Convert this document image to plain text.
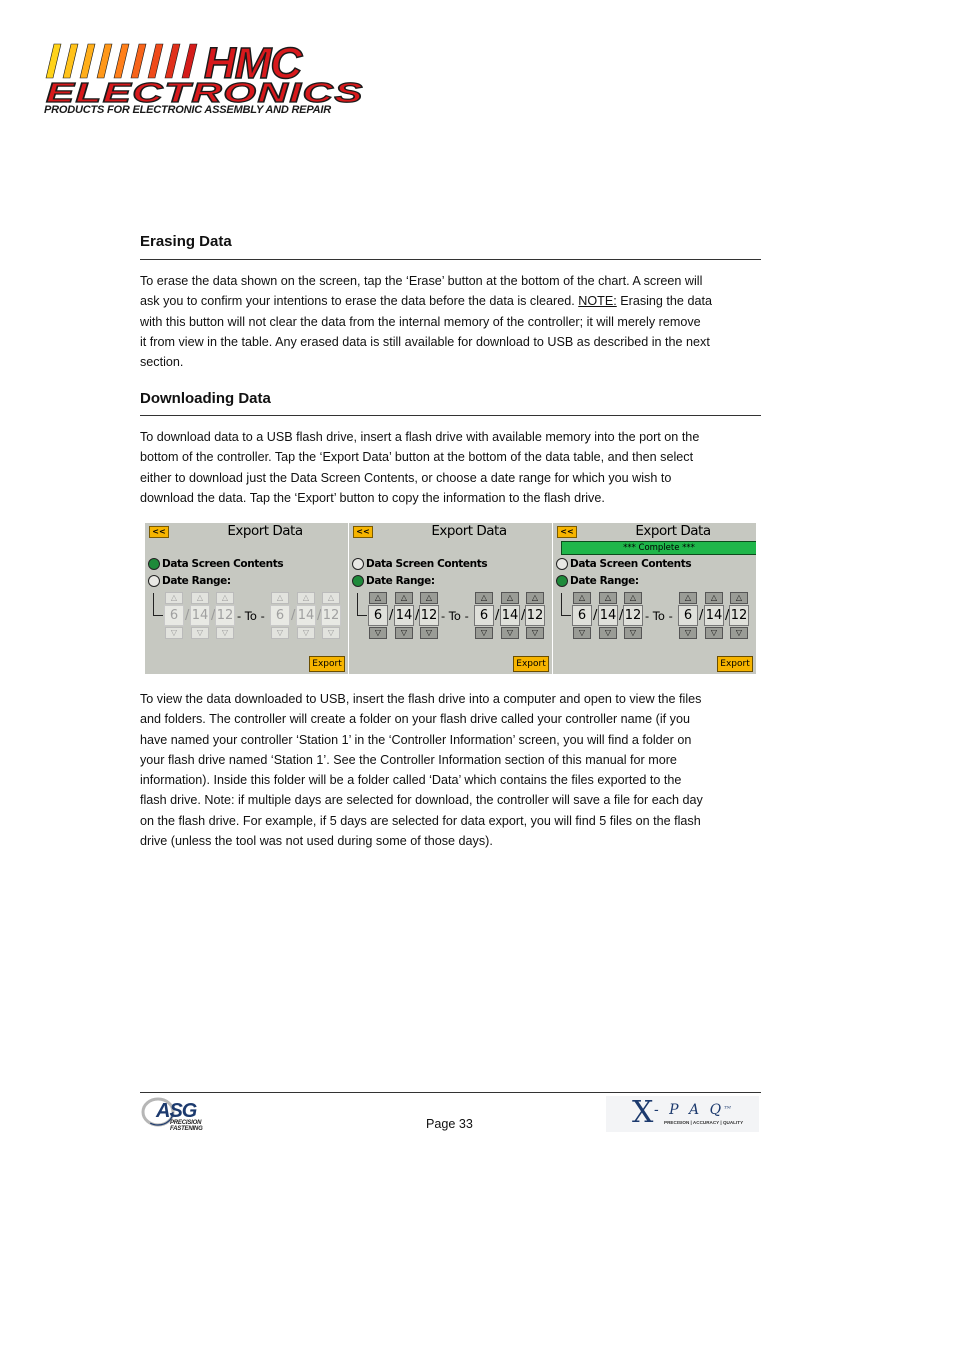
HMC
ELECTRONICS
PRODUCTS FOR ELECTRONIC ASSEMBLY AND REPAIR
Erasing Data
To erase the data shown on the screen, tap the ‘Erase’ button at the bottom of the chart. A screen will
ask you to confirm your intentions to erase the data before the data is cleared. NOTE: Erasing the data
with this button will not clear the data from the internal memory of the controller; it will merely remove
it from view in the table. Any erased data is still available for download to USB as described in the next
section.
Downloading Data
To download data to a USB flash drive, insert a flash drive with available memory into the port on the
bottom of the controller. Tap the ‘Export Data’ button at the bottom of the data table, and then select
either to download just the Data Screen Contents, or choose a date range for which you wish to
download the data. Tap the ‘Export’ button to copy the information to the flash drive.
<<	Export Data
Data Screen Contents
Date Range:
△
6
▽
/
△
14
▽
/
△
12
▽
△
6
▽
/
△
14
▽
/
△
12
▽
- To -
Export
<<	Export Data
Data Screen Contents
Date Range:
△
6
▽
/
△
14
▽
/
△
12
▽
△
6
▽
/
△
14
▽
/
△
12
▽
- To -
Export
<<	Export Data
*** Complete ***
Data Screen Contents
Date Range:
△
6
▽
/
△
14
▽
/
△
12
▽
△
6
▽
/
△
14
▽
/
△
12
▽
- To -
Export
To view the data downloaded to USB, insert the flash drive into a computer and open to view the files
and folders. The controller will create a folder on your flash drive called your controller name (if you
have named your controller ‘Station 1’ in the ‘Controller Information’ screen, you will find a folder on
your flash drive named ‘Station 1’. See the Controller Information section of this manual for more
information). Inside this folder will be a folder called ‘Data’ which contains the files exported to the
flash drive. Note: if multiple days are selected for download, the controller will save a file for each day
on the flash drive. For example, if 5 days are selected for data export, you will find 5 files on the flash
drive (unless the tool was not used during some of those days).
ASG
PRECISION
FASTENING	Page 33	X - P A Q™
PRECISION | ACCURACY | QUALITY
